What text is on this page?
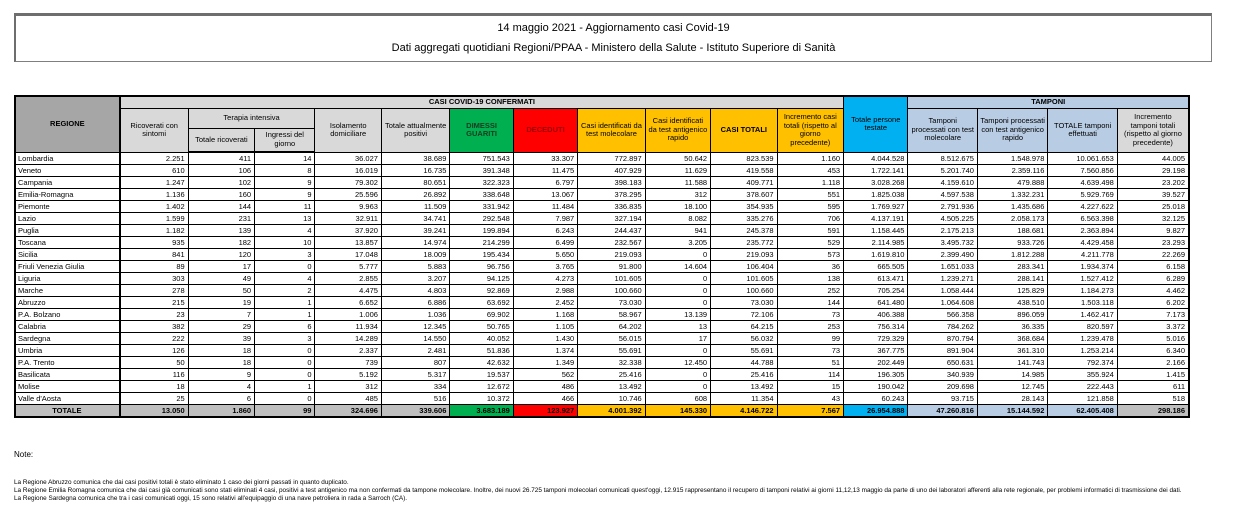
14 maggio 2021 - Aggiornamento casi Covid-19
Dati aggregati quotidiani Regioni/PPAA - Ministero della Salute - Istituto Superiore di Sanità
REGIONE	CASI COVID-19 CONFERMATI											Totale persone testate	TAMPONI			
	Ricoverati con sintomi	Terapia intensiva		Isolamento domiciliare	Totale attualmente positivi	DIMESSI GUARITI	DECEDUTI	Casi identificati da test molecolare	Casi identificati da test antigenico rapido	CASI TOTALI	Incremento casi totali (rispetto al giorno precedente)		Tamponi processati con test molecolare	Tamponi processati con test antigenico rapido	TOTALE tamponi effettuati	Incremento tamponi totali (rispetto al giorno precedente)
		Totale ricoverati	Ingressi del giorno													
Lombardia	2.251	411	14	36.027	38.689	751.543	33.307	772.897	50.642	823.539	1.160	4.044.528	8.512.675	1.548.978	10.061.653	44.005
Veneto	610	106	8	16.019	16.735	391.348	11.475	407.929	11.629	419.558	453	1.722.141	5.201.740	2.359.116	7.560.856	29.198
Campania	1.247	102	9	79.302	80.651	322.323	6.797	398.183	11.588	409.771	1.118	3.028.268	4.159.610	479.888	4.639.498	23.202
Emilia-Romagna	1.136	160	9	25.596	26.892	338.648	13.067	378.295	312	378.607	551	1.825.038	4.597.538	1.332.231	5.929.769	39.527
Piemonte	1.402	144	11	9.963	11.509	331.942	11.484	336.835	18.100	354.935	595	1.769.927	2.791.936	1.435.686	4.227.622	25.018
Lazio	1.599	231	13	32.911	34.741	292.548	7.987	327.194	8.082	335.276	706	4.137.191	4.505.225	2.058.173	6.563.398	32.125
Puglia	1.182	139	4	37.920	39.241	199.894	6.243	244.437	941	245.378	591	1.158.445	2.175.213	188.681	2.363.894	9.827
Toscana	935	182	10	13.857	14.974	214.299	6.499	232.567	3.205	235.772	529	2.114.985	3.495.732	933.726	4.429.458	23.293
Sicilia	841	120	3	17.048	18.009	195.434	5.650	219.093	0	219.093	573	1.619.810	2.399.490	1.812.288	4.211.778	22.269
Friuli Venezia Giulia	89	17	0	5.777	5.883	96.756	3.765	91.800	14.604	106.404	36	665.505	1.651.033	283.341	1.934.374	6.158
Liguria	303	49	4	2.855	3.207	94.125	4.273	101.605	0	101.605	138	613.471	1.239.271	288.141	1.527.412	6.289
Marche	278	50	2	4.475	4.803	92.869	2.988	100.660	0	100.660	252	705.254	1.058.444	125.829	1.184.273	4.462
Abruzzo	215	19	1	6.652	6.886	63.692	2.452	73.030	0	73.030	144	641.480	1.064.608	438.510	1.503.118	6.202
P.A. Bolzano	23	7	1	1.006	1.036	69.902	1.168	58.967	13.139	72.106	73	406.388	566.358	896.059	1.462.417	7.173
Calabria	382	29	6	11.934	12.345	50.765	1.105	64.202	13	64.215	253	756.314	784.262	36.335	820.597	3.372
Sardegna	222	39	3	14.289	14.550	40.052	1.430	56.015	17	56.032	99	729.329	870.794	368.684	1.239.478	5.016
Umbria	126	18	0	2.337	2.481	51.836	1.374	55.691	0	55.691	73	367.775	891.904	361.310	1.253.214	6.340
P.A. Trento	50	18	0	739	807	42.632	1.349	32.338	12.450	44.788	51	202.449	650.631	141.743	792.374	2.166
Basilicata	116	9	0	5.192	5.317	19.537	562	25.416	0	25.416	114	196.305	340.939	14.985	355.924	1.415
Molise	18	4	1	312	334	12.672	486	13.492	0	13.492	15	190.042	209.698	12.745	222.443	611
Valle d'Aosta	25	6	0	485	516	10.372	466	10.746	608	11.354	43	60.243	93.715	28.143	121.858	518
TOTALE	13.050	1.860	99	324.696	339.606	3.683.189	123.927	4.001.392	145.330	4.146.722	7.567	26.954.888	47.260.816	15.144.592	62.405.408	298.186
Note:
La Regione Abruzzo comunica che dai casi positivi totali è stato eliminato 1 caso dei giorni passati in quanto duplicato.
La Regione Emilia Romagna comunica che dai casi già comunicati sono stati eliminati 4 casi, positivi a test antigenico ma non confermati da tampone molecolare. Inoltre, dei nuovi 26.725 tamponi molecolari comunicati quest'oggi, 12.915 rappresentano il recupero di tamponi relativi ai giorni 11,12,13 maggio da parte di uno dei laboratori afferenti alla rete regionale, per problemi informatici di trasmissione dei dati.
La Regione Sardegna comunica che tra i casi comunicati oggi, 15 sono relativi all'equipaggio di una nave petroliera in rada a Sarroch (CA).
